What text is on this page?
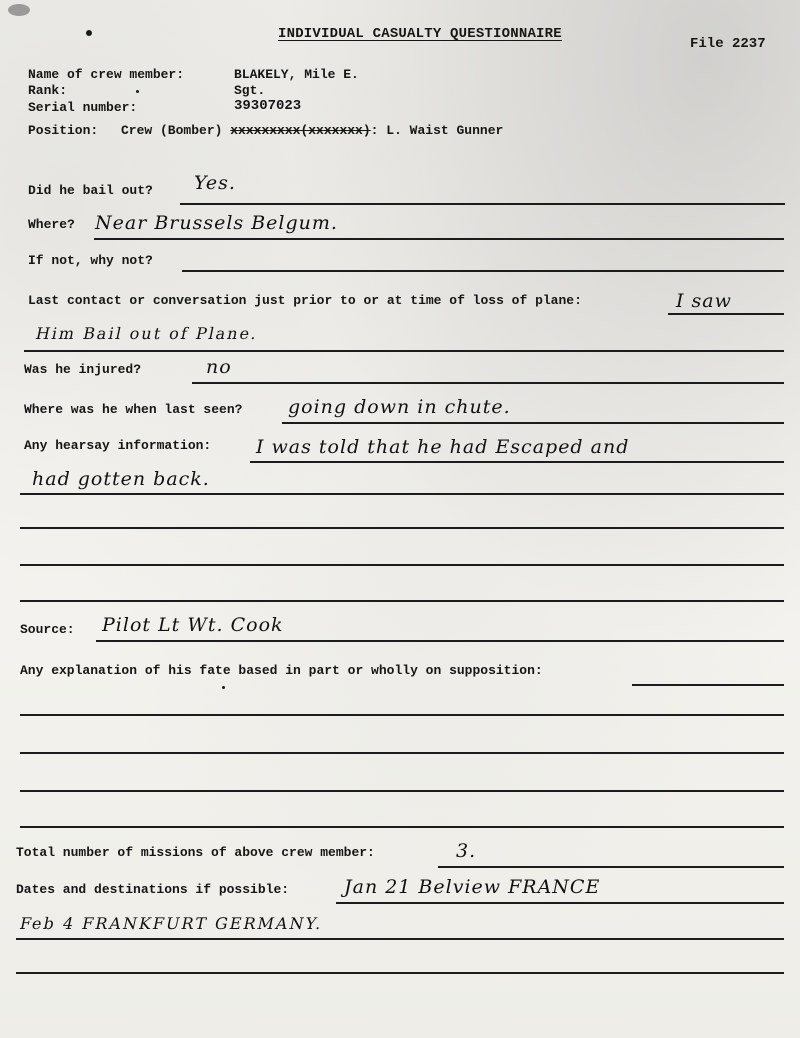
INDIVIDUAL CASUALTY QUESTIONNAIRE
File 2237
Name of crew member:	BLAKELY, Mile E.
Rank:	Sgt.
Serial number:	39307023
Position: Crew (Bomber) xxxxxxxxx(xxxxxxx): L. Waist Gunner
Did he bail out? Yes.
Where? Near Brussels Belgum.
If not, why not?
Last contact or conversation just prior to or at time of loss of plane:	I saw
Him Bail out of Plane.
Was he injured?	no
Where was he when last seen? going down in chute.
Any hearsay information: I was told that he had Escaped and
had gotten back.
Source: Pilot Lt Wt. Cook
Any explanation of his fate based in part or wholly on supposition:
Total number of missions of above crew member:	3.
Dates and destinations if possible:	Jan 21 Belview FRANCE
Feb 4 FRANKFURT GERMANY.
